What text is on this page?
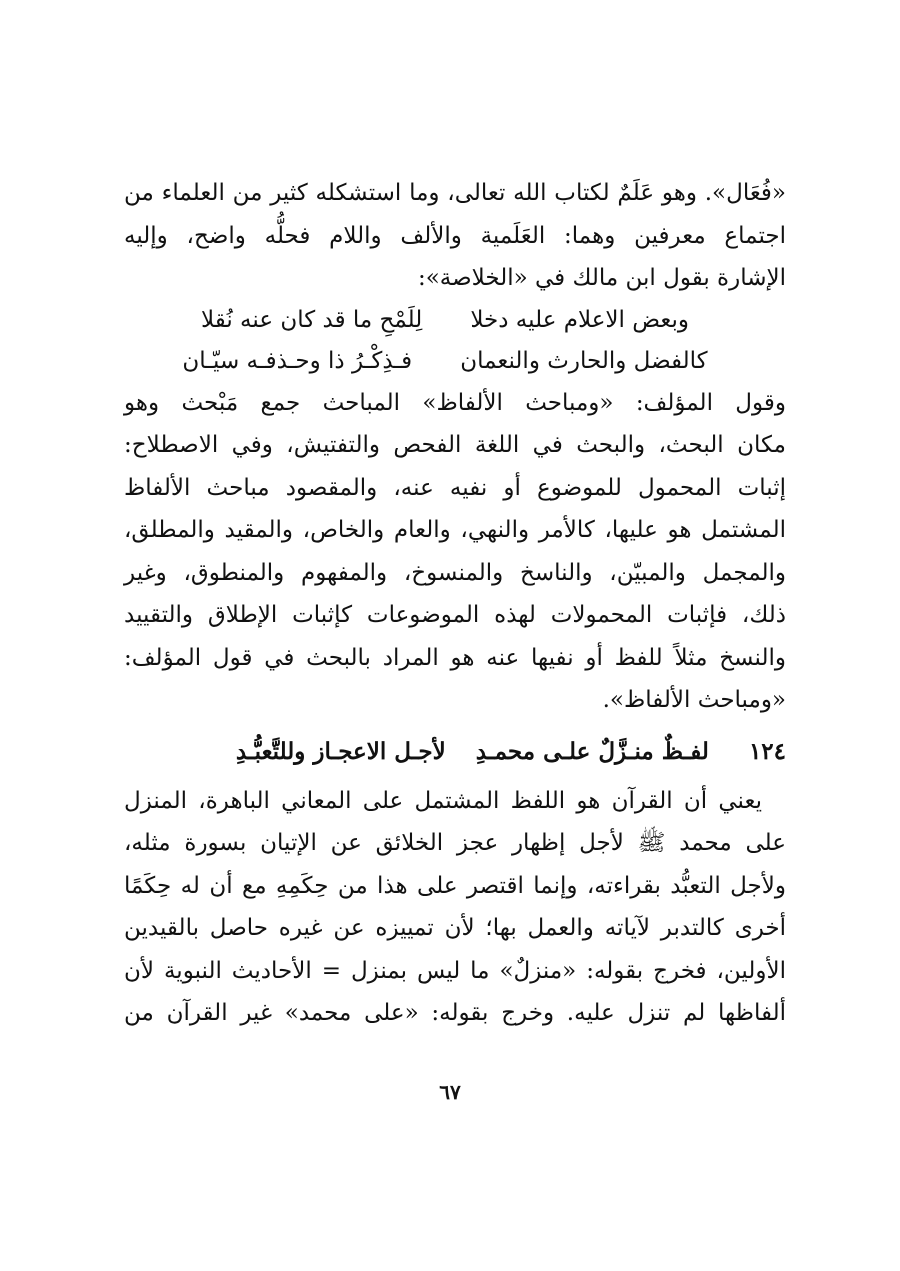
«فُعَال». وهو عَلَمٌ لكتاب الله تعالى، وما استشكله كثير من العلماء من
اجتماع معرفين وهما: العَلَمية والألف واللام فحلُّه واضح، وإليه
الإشارة بقول ابن مالك في «الخلاصة»:

وبعض الاعلام عليه دخلا
لِلَمْحِ ما قد كان عنه نُقلا
كالفضل والحارث والنعمان
فـذِكْـرُ ذا وحـذفـه سيّـان

وقول المؤلف: «ومباحث الألفاظ» المباحث جمع مَبْحث وهو
مكان البحث، والبحث في اللغة الفحص والتفتيش، وفي الاصطلاح:
إثبات المحمول للموضوع أو نفيه عنه، والمقصود مباحث الألفاظ
المشتمل هو عليها، كالأمر والنهي، والعام والخاص، والمقيد والمطلق،
والمجمل والمبيّن، والناسخ والمنسوخ، والمفهوم والمنطوق، وغير
ذلك، فإثبات المحمولات لهذه الموضوعات كإثبات الإطلاق والتقييد
والنسخ مثلاً للفظ أو نفيها عنه هو المراد بالبحث في قول المؤلف:
«ومباحث الألفاظ».

١٢٤
لفـظٌ منـزَّلٌ علـى محمـدِ
لأجـل الاعجـاز وللتَّعبُّـدِ

يعني أن القرآن هو اللفظ المشتمل على المعاني الباهرة، المنزل
على محمد ﷺ لأجل إظهار عجز الخلائق عن الإتيان بسورة مثله،
ولأجل التعبُّد بقراءته، وإنما اقتصر على هذا من حِكَمِهِ مع أن له حِكَمًا
أخرى كالتدبر لآياته والعمل بها؛ لأن تمييزه عن غيره حاصل بالقيدين
الأولين، فخرج بقوله: «منزلٌ» ما ليس بمنزل = الأحاديث النبوية لأن
ألفاظها لم تنزل عليه. وخرج بقوله: «على محمد» غير القرآن من

٦٧
